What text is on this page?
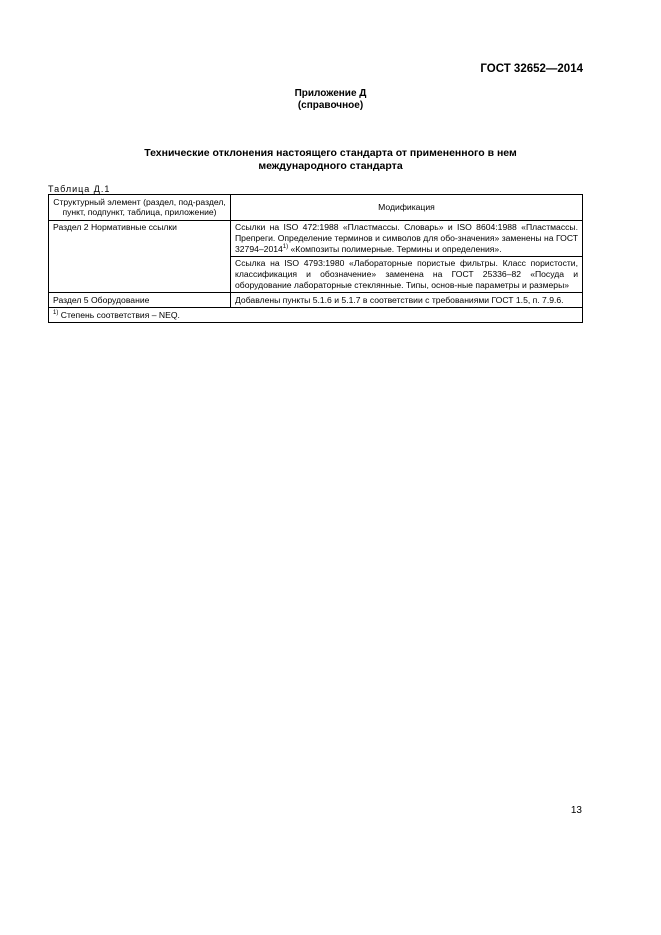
ГОСТ 32652—2014
Приложение Д
(справочное)
Технические отклонения настоящего стандарта от примененного в нем
международного стандарта
Таблица Д.1
Структурный элемент (раздел, под-раздел, пункт, подпункт, таблица, приложение)	Модификация
Раздел 2 Нормативные ссылки	Ссылки на ISO 472:1988 «Пластмассы. Словарь» и ISO 8604:1988 «Пластмассы. Препреги. Определение терминов и символов для обо-значения» заменены на ГОСТ 32794–2014$^{1)}$ «Композиты полимерные. Термины и определения».
	Ссылка на ISO 4793:1980 «Лабораторные пористые фильтры. Класс пористости, классификация и обозначение» заменена на ГОСТ 25336–82 «Посуда и оборудование лабораторные стеклянные. Типы, основ-ные параметры и размеры»
Раздел 5 Оборудование	Добавлены пункты 5.1.6 и 5.1.7 в соответствии с требованиями ГОСТ 1.5, п. 7.9.6.
$^{1)}$ Степень соответствия – NEQ.	
13
